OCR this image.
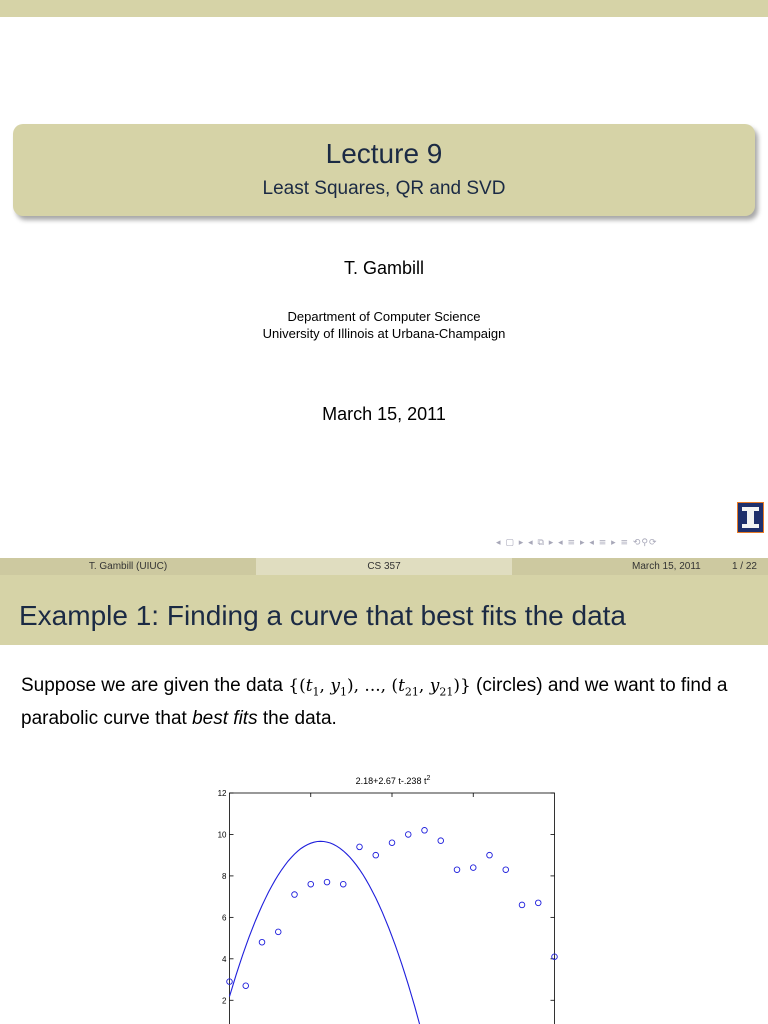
Lecture 9
Least Squares, QR and SVD
T. Gambill
Department of Computer Science
University of Illinois at Urbana-Champaign
March 15, 2011
◂ ▢ ▸ ◂ ⧉ ▸ ◂ ≡ ▸ ◂ ≡ ▸ ≡ ⟲⚲⟳
T. Gambill (UIUC)	CS 357	March 15, 2011	1 / 22
Example 1: Finding a curve that best fits the data
Suppose we are given the data {($t_1$, $y_1$), ..., ($t_{21}$, $y_{21}$)} (circles) and we want to find a parabolic curve that best fits the data.
2.18+2.67 t-.238 $t^2$
2
4
6
8
10
12
